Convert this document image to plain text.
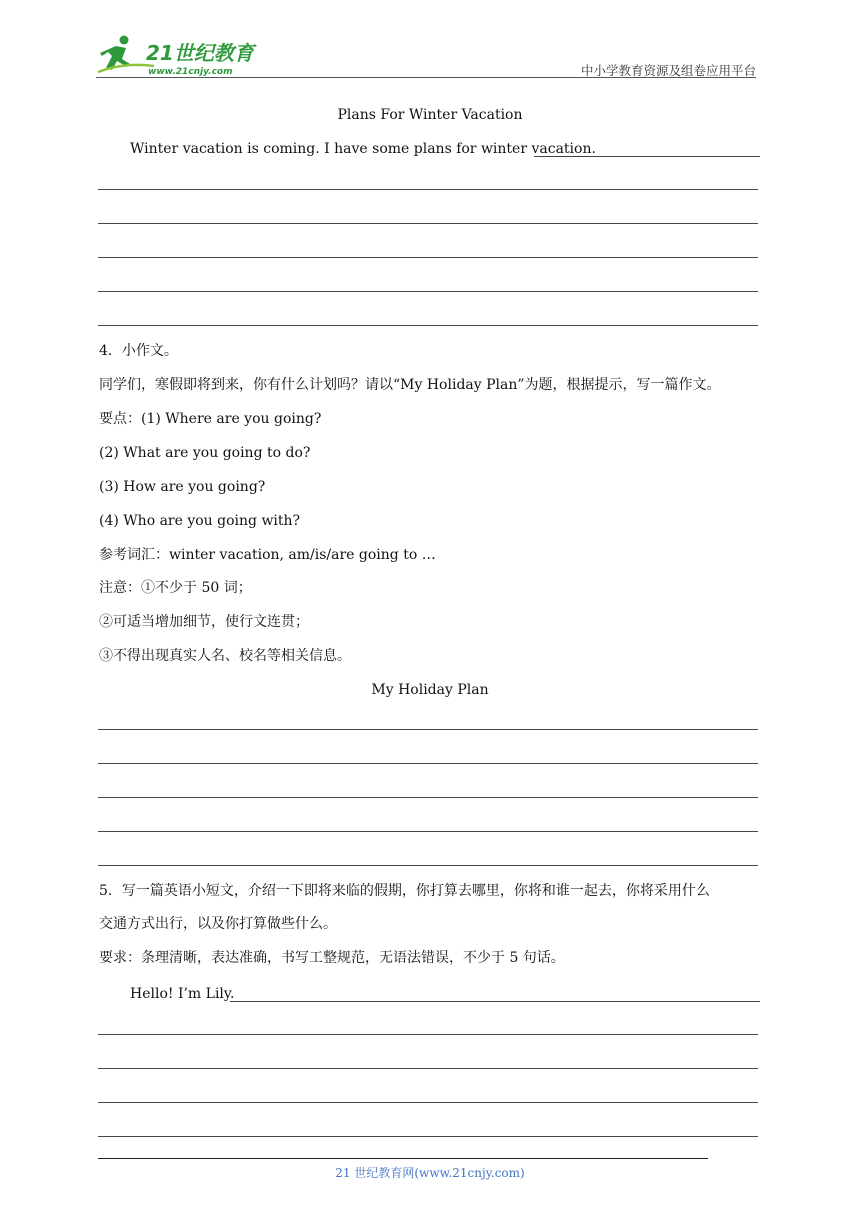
21世纪教育
www.21cnjy.com	中小学教育资源及组卷应用平台
Plans For Winter Vacation
Winter vacation is coming. I have some plans for winter vacation.
4．小作文。
同学们，寒假即将到来，你有什么计划吗？请以“My Holiday Plan”为题，根据提示，写一篇作文。
要点：(1) Where are you going?
(2) What are you going to do?
(3) How are you going?
(4) Who are you going with?
参考词汇：winter vacation, am/is/are going to …
注意：①不少于 50 词；
②可适当增加细节，使行文连贯；
③不得出现真实人名、校名等相关信息。
My Holiday Plan
5．写一篇英语小短文，介绍一下即将来临的假期，你打算去哪里，你将和谁一起去，你将采用什么
交通方式出行，以及你打算做些什么。
要求：条理清晰，表达准确，书写工整规范，无语法错误，不少于 5 句话。
Hello! I’m Lily.
21 世纪教育网(www.21cnjy.com)
